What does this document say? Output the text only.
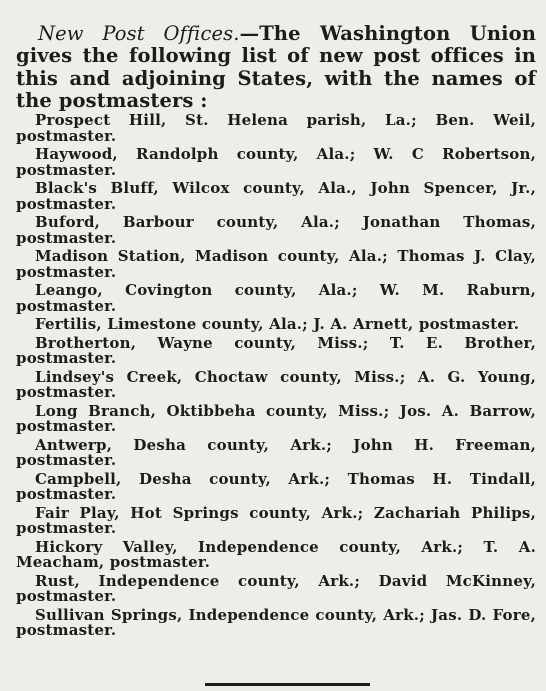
New Post Offices.—The Washington Union gives the following list of new post offices in this and adjoining States, with the names of the postmasters :

Prospect Hill, St. Helena parish, La.; Ben. Weil, postmaster.
Haywood, Randolph county, Ala.; W. C Robertson, postmaster.
Black's Bluff, Wilcox county, Ala., John Spencer, Jr., postmaster.
Buford, Barbour county, Ala.; Jonathan Thomas, postmaster.
Madison Station, Madison county, Ala.; Thomas J. Clay, postmaster.
Leango, Covington county, Ala.; W. M. Raburn, postmaster.
Fertilis, Limestone county, Ala.; J. A. Arnett, postmaster.
Brotherton, Wayne county, Miss.; T. E. Brother, postmaster.
Lindsey's Creek, Choctaw county, Miss.; A. G. Young, postmaster.
Long Branch, Oktibbeha county, Miss.; Jos. A. Barrow, postmaster.
Antwerp, Desha county, Ark.; John H. Freeman, postmaster.
Campbell, Desha county, Ark.; Thomas H. Tindall, postmaster.
Fair Play, Hot Springs county, Ark.; Zachariah Philips, postmaster.
Hickory Valley, Independence county, Ark.; T. A. Meacham, postmaster.
Rust, Independence county, Ark.; David McKinney, postmaster.
Sullivan Springs, Independence county, Ark.; Jas. D. Fore, postmaster.
